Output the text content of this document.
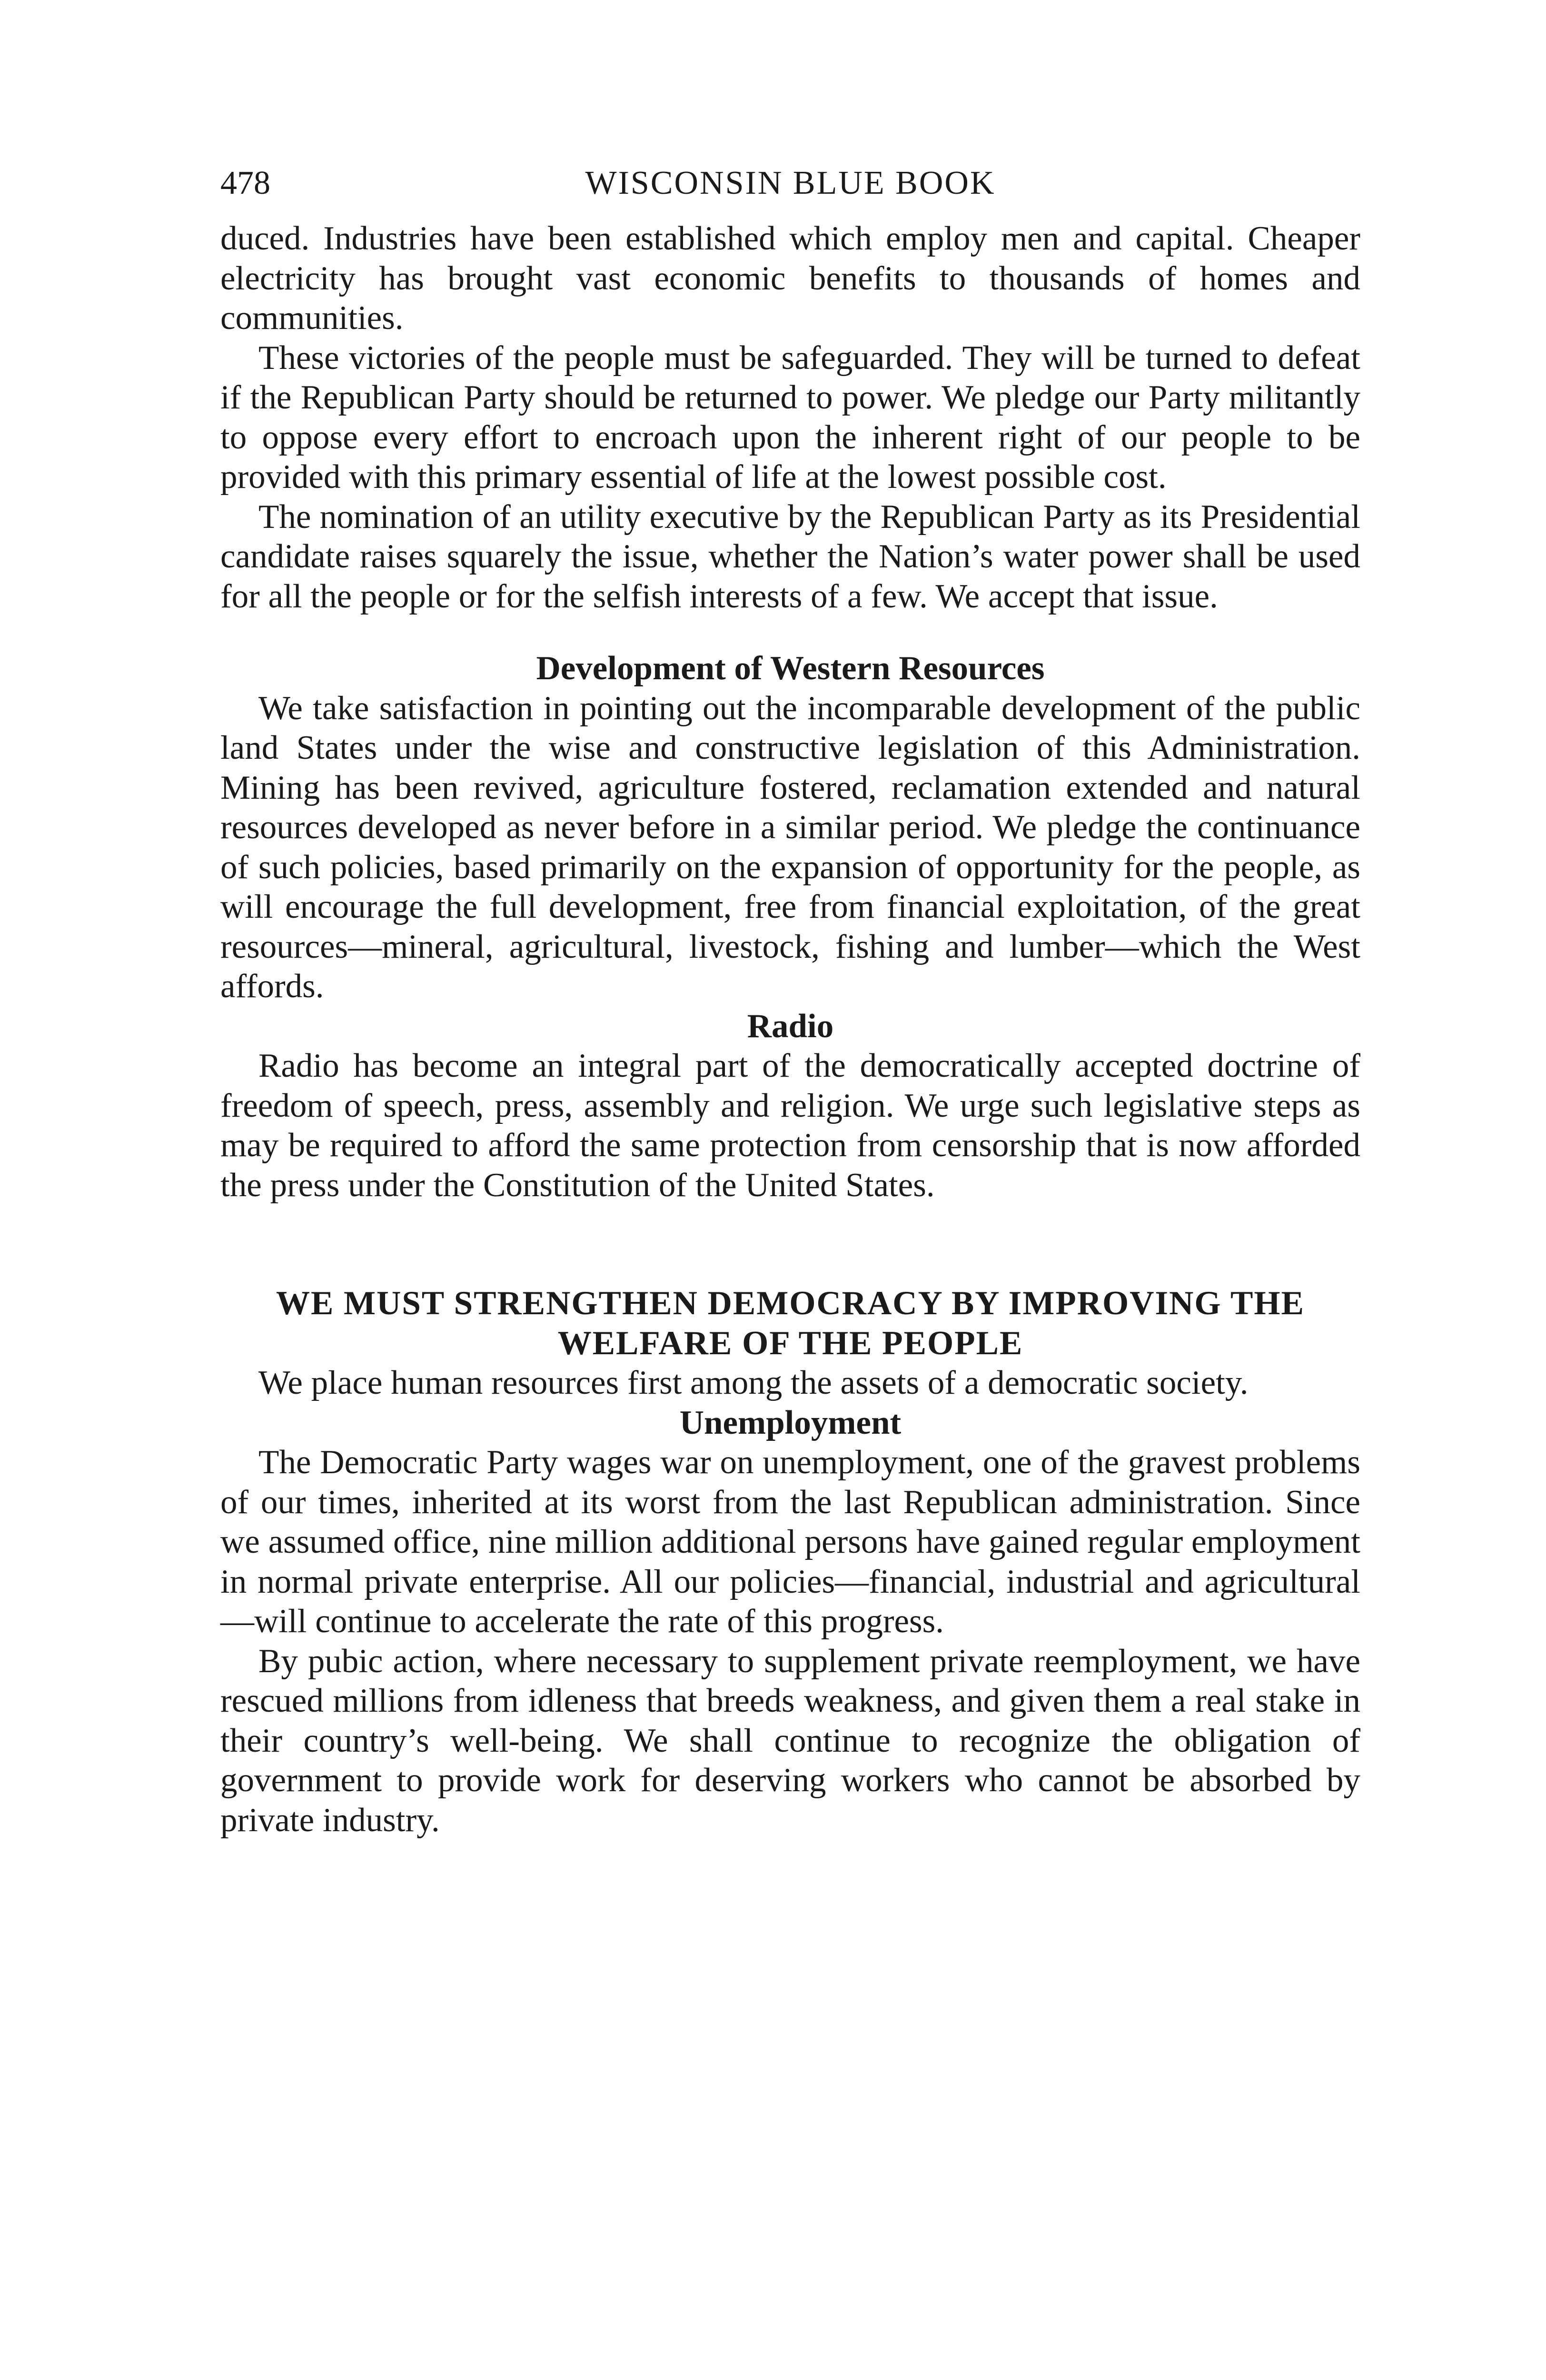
478	WISCONSIN BLUE BOOK

duced. Industries have been established which employ men and capital. Cheaper electricity has brought vast economic benefits to thousands of homes and communities.

These victories of the people must be safeguarded. They will be turned to defeat if the Republican Party should be returned to power. We pledge our Party militantly to oppose every effort to encroach upon the inherent right of our people to be provided with this primary essential of life at the lowest possible cost.

The nomination of an utility executive by the Republican Party as its Presidential candidate raises squarely the issue, whether the Nation’s water power shall be used for all the people or for the selfish interests of a few. We accept that issue.

Development of Western Resources

We take satisfaction in pointing out the incomparable development of the public land States under the wise and constructive legislation of this Administration. Mining has been revived, agriculture fostered, reclamation extended and natural resources developed as never before in a similar period. We pledge the continuance of such policies, based primarily on the expansion of opportunity for the people, as will encourage the full development, free from financial exploitation, of the great resources—mineral, agricultural, livestock, fishing and lumber—which the West affords.

Radio

Radio has become an integral part of the democratically accepted doctrine of freedom of speech, press, assembly and religion. We urge such legislative steps as may be required to afford the same protection from censorship that is now afforded the press under the Constitution of the United States.

WE MUST STRENGTHEN DEMOCRACY BY IMPROVING THE
WELFARE OF THE PEOPLE

We place human resources first among the assets of a democratic society.

Unemployment

The Democratic Party wages war on unemployment, one of the gravest problems of our times, inherited at its worst from the last Republican administration. Since we assumed office, nine million additional persons have gained regular employment in normal private enterprise. All our policies—financial, industrial and agricultural—will continue to accelerate the rate of this progress.

By pubic action, where necessary to supplement private reemployment, we have rescued millions from idleness that breeds weakness, and given them a real stake in their country’s well-being. We shall continue to recognize the obligation of government to provide work for deserving workers who cannot be absorbed by private industry.
